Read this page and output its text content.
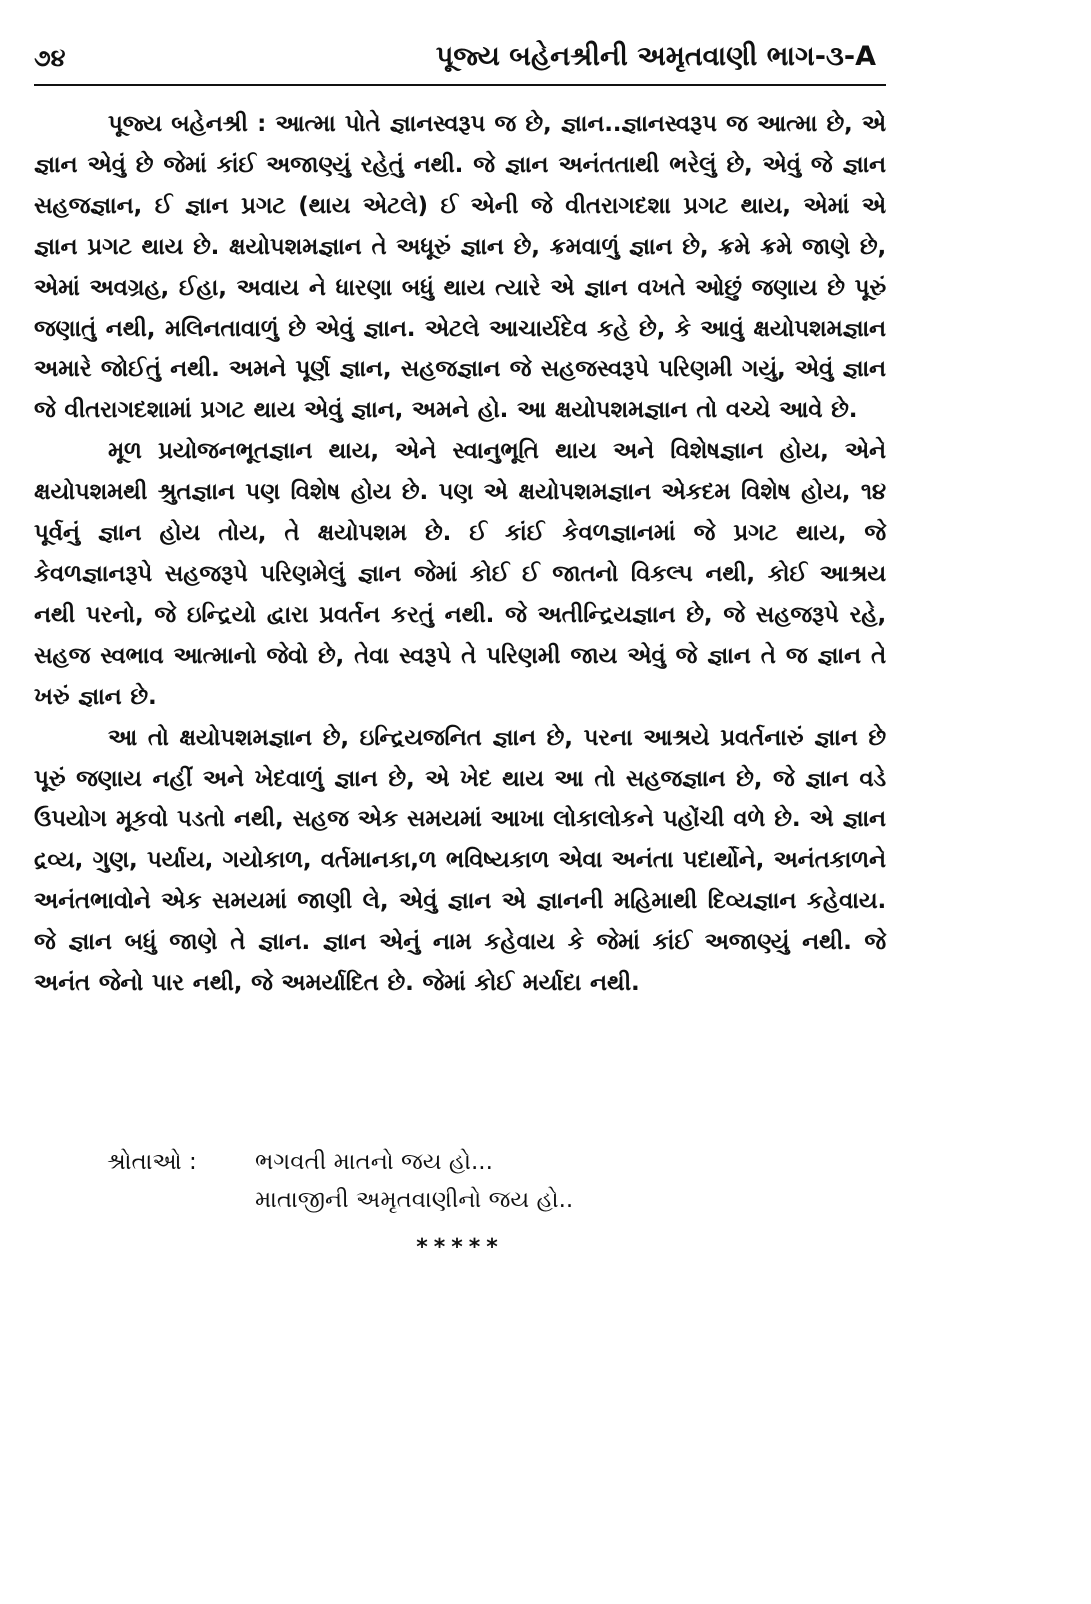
૭૪	પૂજ્ય બહેનશ્રીની અમૃતવાણી ભાગ-૩-A

પૂજ્ય બહેનશ્રી : આત્મા પોતે જ્ઞાનસ્વરૂપ જ છે, જ્ઞાન..જ્ઞાનસ્વરૂપ જ આત્મા છે, એ જ્ઞાન એવું છે જેમાં કાંઈ અજાણ્યું રહેતું નથી. જે જ્ઞાન અનંતતાથી ભરેલું છે, એવું જે જ્ઞાન સહજજ્ઞાન, ઈ જ્ઞાન પ્રગટ (થાય એટલે) ઈ એની જે વીતરાગદશા પ્રગટ થાય, એમાં એ જ્ઞાન પ્રગટ થાય છે. ક્ષયોપશમજ્ઞાન તે અધૂરું જ્ઞાન છે, ક્રમવાળું જ્ઞાન છે, ક્રમે ક્રમે જાણે છે, એમાં અવગ્રહ, ઈહા, અવાય ને ધારણા બધું થાય ત્યારે એ જ્ઞાન વખતે ઓછું જણાય છે પૂરું જણાતું નથી, મલિનતાવાળું છે એવું જ્ઞાન. એટલે આચાર્યદેવ કહે છે, કે આવું ક્ષયોપશમજ્ઞાન અમારે જોઈતું નથી. અમને પૂર્ણ જ્ઞાન, સહજજ્ઞાન જે સહજસ્વરૂપે પરિણમી ગયું, એવું જ્ઞાન જે વીતરાગદશામાં પ્રગટ થાય એવું જ્ઞાન, અમને હો. આ ક્ષયોપશમજ્ઞાન તો વચ્ચે આવે છે.

મૂળ પ્રયોજનભૂતજ્ઞાન થાય, એને સ્વાનુભૂતિ થાય અને વિશેષજ્ઞાન હોય, એને ક્ષયોપશમથી શ્રુતજ્ઞાન પણ વિશેષ હોય છે. પણ એ ક્ષયોપશમજ્ઞાન એકદમ વિશેષ હોય, ૧૪ પૂર્વનું જ્ઞાન હોય તોય, તે ક્ષયોપશમ છે. ઈ કાંઈ કેવળજ્ઞાનમાં જે પ્રગટ થાય, જે કેવળજ્ઞાનરૂપે સહજરૂપે પરિણમેલું જ્ઞાન જેમાં કોઈ ઈ જાતનો વિકલ્પ નથી, કોઈ આશ્રય નથી પરનો, જે ઇન્દ્રિયો દ્વારા પ્રવર્તન કરતું નથી. જે અતીન્દ્રિયજ્ઞાન છે, જે સહજરૂપે રહે, સહજ સ્વભાવ આત્માનો જેવો છે, તેવા સ્વરૂપે તે પરિણમી જાય એવું જે જ્ઞાન તે જ જ્ઞાન તે ખરું જ્ઞાન છે.

આ તો ક્ષયોપશમજ્ઞાન છે, ઇન્દ્રિયજનિત જ્ઞાન છે, પરના આશ્રયે પ્રવર્તનારું જ્ઞાન છે પૂરું જણાય નહીં અને ખેદવાળું જ્ઞાન છે, એ ખેદ થાય આ તો સહજજ્ઞાન છે, જે જ્ઞાન વડે ઉપયોગ મૂકવો પડતો નથી, સહજ એક સમયમાં આખા લોકાલોકને પહોંચી વળે છે. એ જ્ઞાન દ્રવ્ય, ગુણ, પર્યાય, ગયોકાળ, વર્તમાનકા,ળ ભવિષ્યકાળ એવા અનંતા પદાર્થોને, અનંતકાળને અનંતભાવોને એક સમયમાં જાણી લે, એવું જ્ઞાન એ જ્ઞાનની મહિમાથી દિવ્યજ્ઞાન કહેવાય. જે જ્ઞાન બધું જાણે તે જ્ઞાન. જ્ઞાન એનું નામ કહેવાય કે જેમાં કાંઈ અજાણ્યું નથી. જે અનંત જેનો પાર નથી, જે અમર્યાદિત છે. જેમાં કોઈ મર્યાદા નથી.

શ્રોતાઓ :	ભગવતી માતનો જય હો...
માતાજીની અમૃતવાણીનો જય હો..
*****
